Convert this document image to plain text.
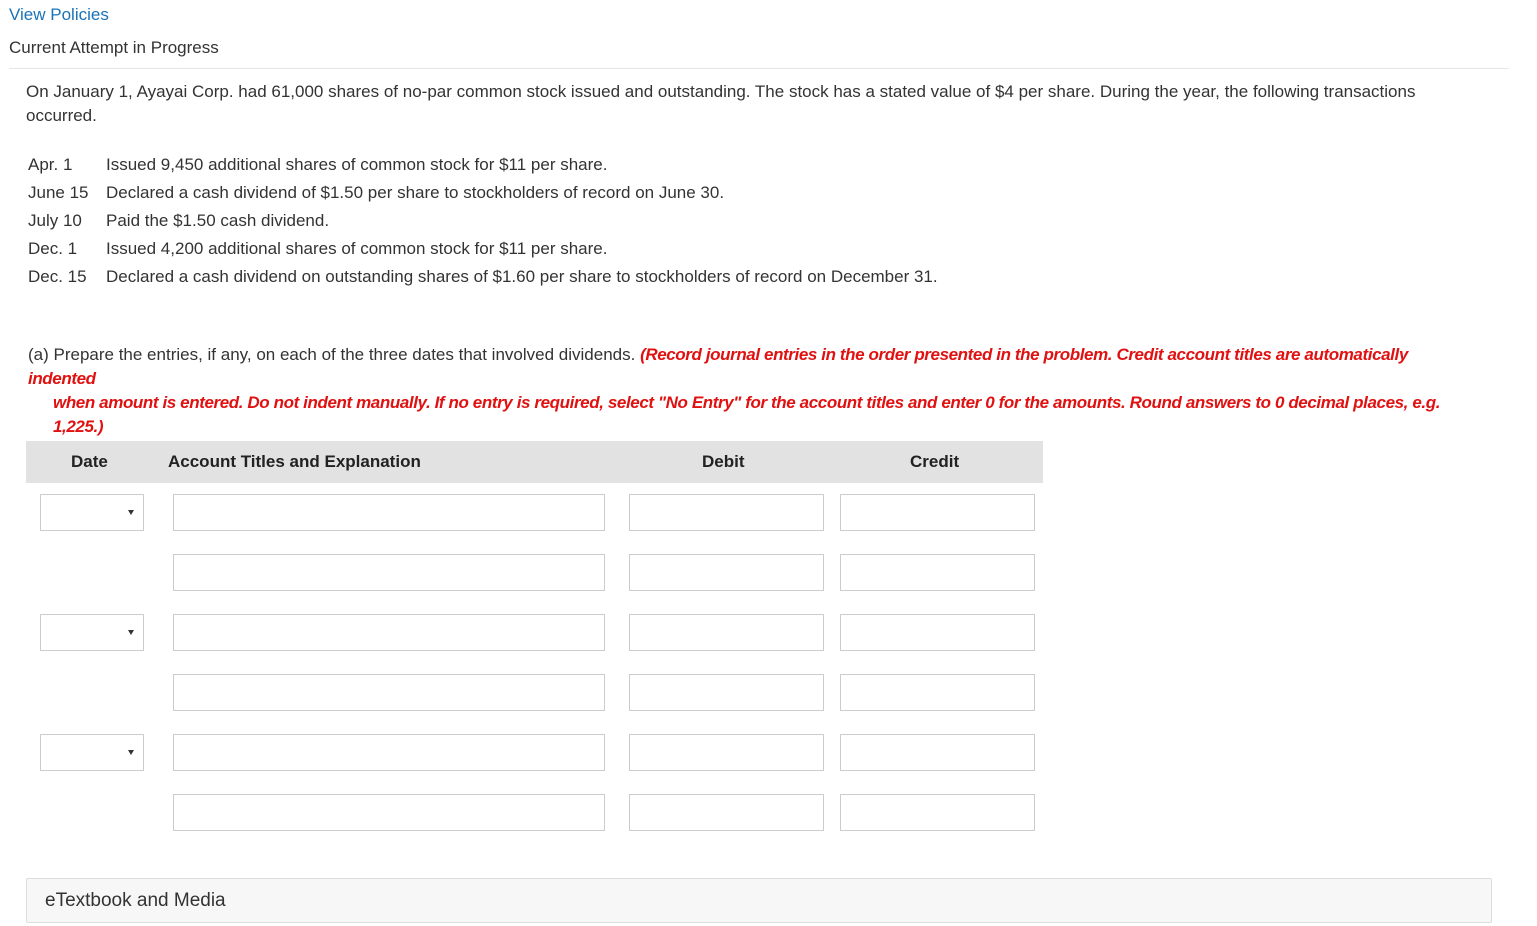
View Policies
Current Attempt in Progress
On January 1, Ayayai Corp. had 61,000 shares of no-par common stock issued and outstanding. The stock has a stated value of $4 per share. During the year, the following transactions occurred.
Apr. 1 Issued 9,450 additional shares of common stock for $11 per share.
June 15 Declared a cash dividend of $1.50 per share to stockholders of record on June 30.
July 10 Paid the $1.50 cash dividend.
Dec. 1 Issued 4,200 additional shares of common stock for $11 per share.
Dec. 15 Declared a cash dividend on outstanding shares of $1.60 per share to stockholders of record on December 31.
(a) Prepare the entries, if any, on each of the three dates that involved dividends. (Record journal entries in the order presented in the problem. Credit account titles are automatically indented
when amount is entered. Do not indent manually. If no entry is required, select "No Entry" for the account titles and enter 0 for the amounts. Round answers to 0 decimal places, e.g. 1,225.)
Date	Account Titles and Explanation	Debit	Credit
eTextbook and Media
